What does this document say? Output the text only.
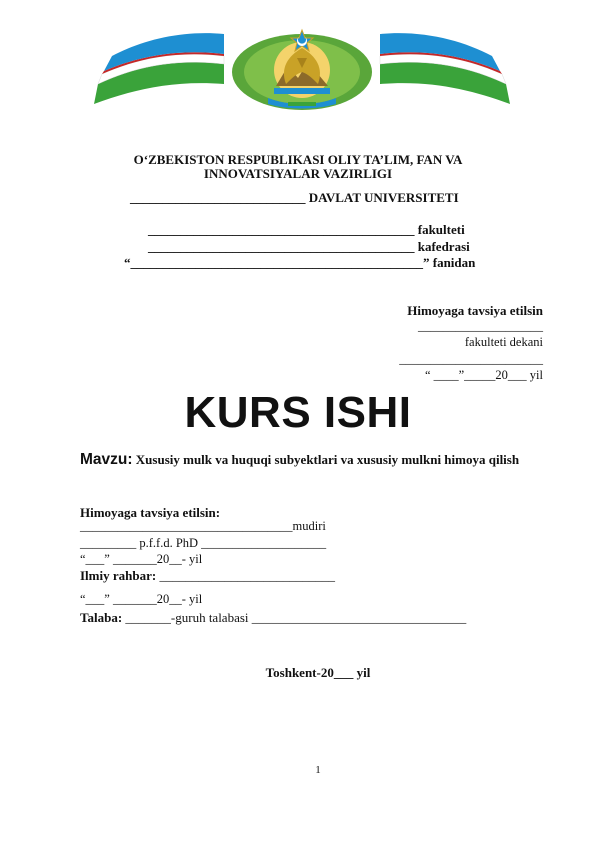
O‘ZBEKISTON RESPUBLIKASI OLIY TA’LIM, FAN VA
INNOVATSIYALAR VAZIRLIGI
___________________________ DAVLAT UNIVERSITETI
_________________________________________ fakulteti
_________________________________________ kafedrasi
“_____________________________________________” fanidan
Himoyaga tavsiya etilsin
____________________
fakulteti dekani
_______________________
“ ____”_____20___ yil
KURS ISHI
Mavzu: Xususiy mulk va huquqi subyektlari va xususiy mulkni himoya qilish
Himoyaga tavsiya etilsin:
__________________________________mudiri
_________ p.f.f.d. PhD ____________________
“___” _______20__- yil
Ilmiy rahbar: ___________________________
“___” _______20__- yil
Talaba: _______-guruh talabasi _________________________________
Toshkent-20___ yil
1
